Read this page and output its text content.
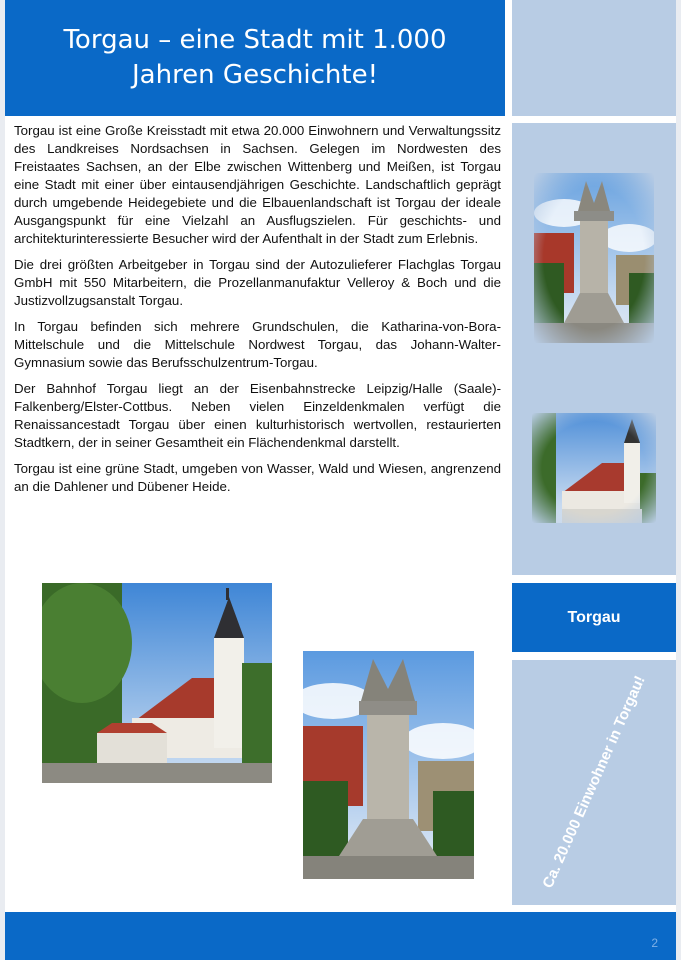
Torgau – eine Stadt mit 1.000 Jahren Geschichte!
Torgau
Ca. 20.000 Einwohner in Torgau!

Torgau ist eine Große Kreisstadt mit etwa 20.000 Einwohnern und Verwaltungssitz des Landkreises Nordsachsen in Sachsen. Gelegen im Nordwesten des Freistaates Sachsen, an der Elbe zwischen Wittenberg und Meißen, ist Torgau eine Stadt mit einer über eintausendjährigen Geschichte. Landschaftlich geprägt durch umgebende Heidegebiete und die Elbauenlandschaft ist Torgau der ideale Ausgangspunkt für eine Vielzahl an Ausflugszielen. Für geschichts- und architekturinteressierte Besucher wird der Aufenthalt in der Stadt zum Erlebnis.

Die drei größten Arbeitgeber in Torgau sind der Autozulieferer Flachglas Torgau GmbH mit 550 Mitarbeitern, die Prozellanmanufaktur Velleroy & Boch und die Justizvollzugsanstalt Torgau.

In Torgau befinden sich mehrere Grundschulen, die Katharina-von-Bora-Mittelschule und die Mittelschule Nordwest Torgau, das Johann-Walter-Gymnasium sowie das Berufsschulzentrum-Torgau.

Der Bahnhof Torgau liegt an der Eisenbahnstrecke Leipzig/Halle (Saale)-Falkenberg/Elster-Cottbus. Neben vielen Einzeldenkmalen verfügt die Renaissancestadt Torgau über einen kulturhistorisch wertvollen, restaurierten Stadtkern, der in seiner Gesamtheit ein Flächendenkmal darstellt.

Torgau ist eine grüne Stadt, umgeben von Wasser, Wald und Wiesen, angrenzend an die Dahlener und Dübener Heide.

2
